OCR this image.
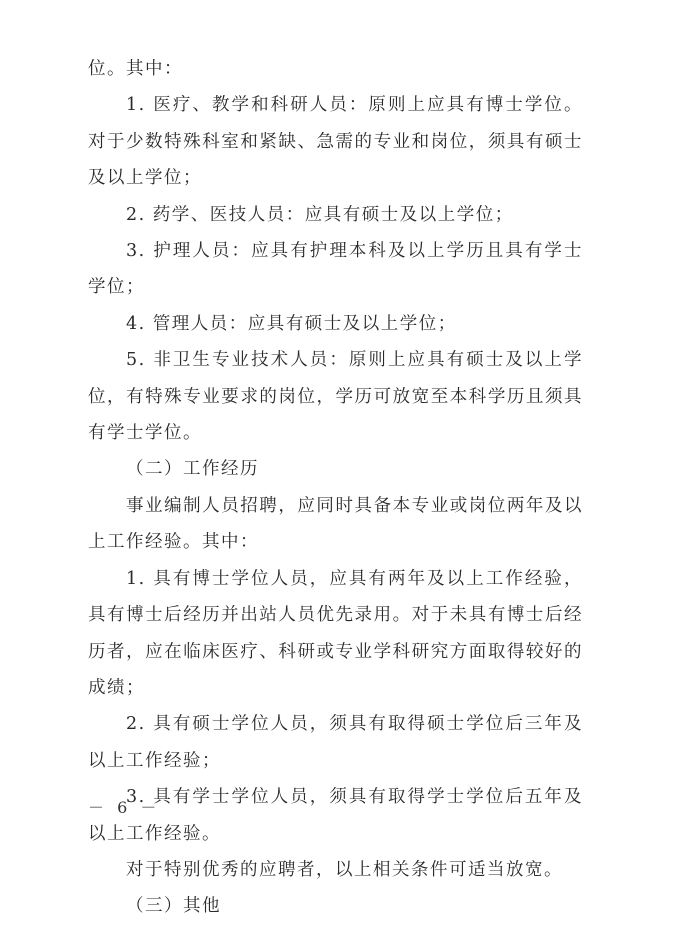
位。其中：

1. 医疗、教学和科研人员：原则上应具有博士学位。对于少数特殊科室和紧缺、急需的专业和岗位，须具有硕士及以上学位；

2. 药学、医技人员：应具有硕士及以上学位；

3. 护理人员：应具有护理本科及以上学历且具有学士学位；

4. 管理人员：应具有硕士及以上学位；

5. 非卫生专业技术人员：原则上应具有硕士及以上学位，有特殊专业要求的岗位，学历可放宽至本科学历且须具有学士学位。

（二）工作经历

事业编制人员招聘，应同时具备本专业或岗位两年及以上工作经验。其中：

1. 具有博士学位人员，应具有两年及以上工作经验，具有博士后经历并出站人员优先录用。对于未具有博士后经历者，应在临床医疗、科研或专业学科研究方面取得较好的成绩；

2. 具有硕士学位人员，须具有取得硕士学位后三年及以上工作经验；

3. 具有学士学位人员，须具有取得学士学位后五年及以上工作经验。

对于特别优秀的应聘者，以上相关条件可适当放宽。

（三）其他

－ 6 －
